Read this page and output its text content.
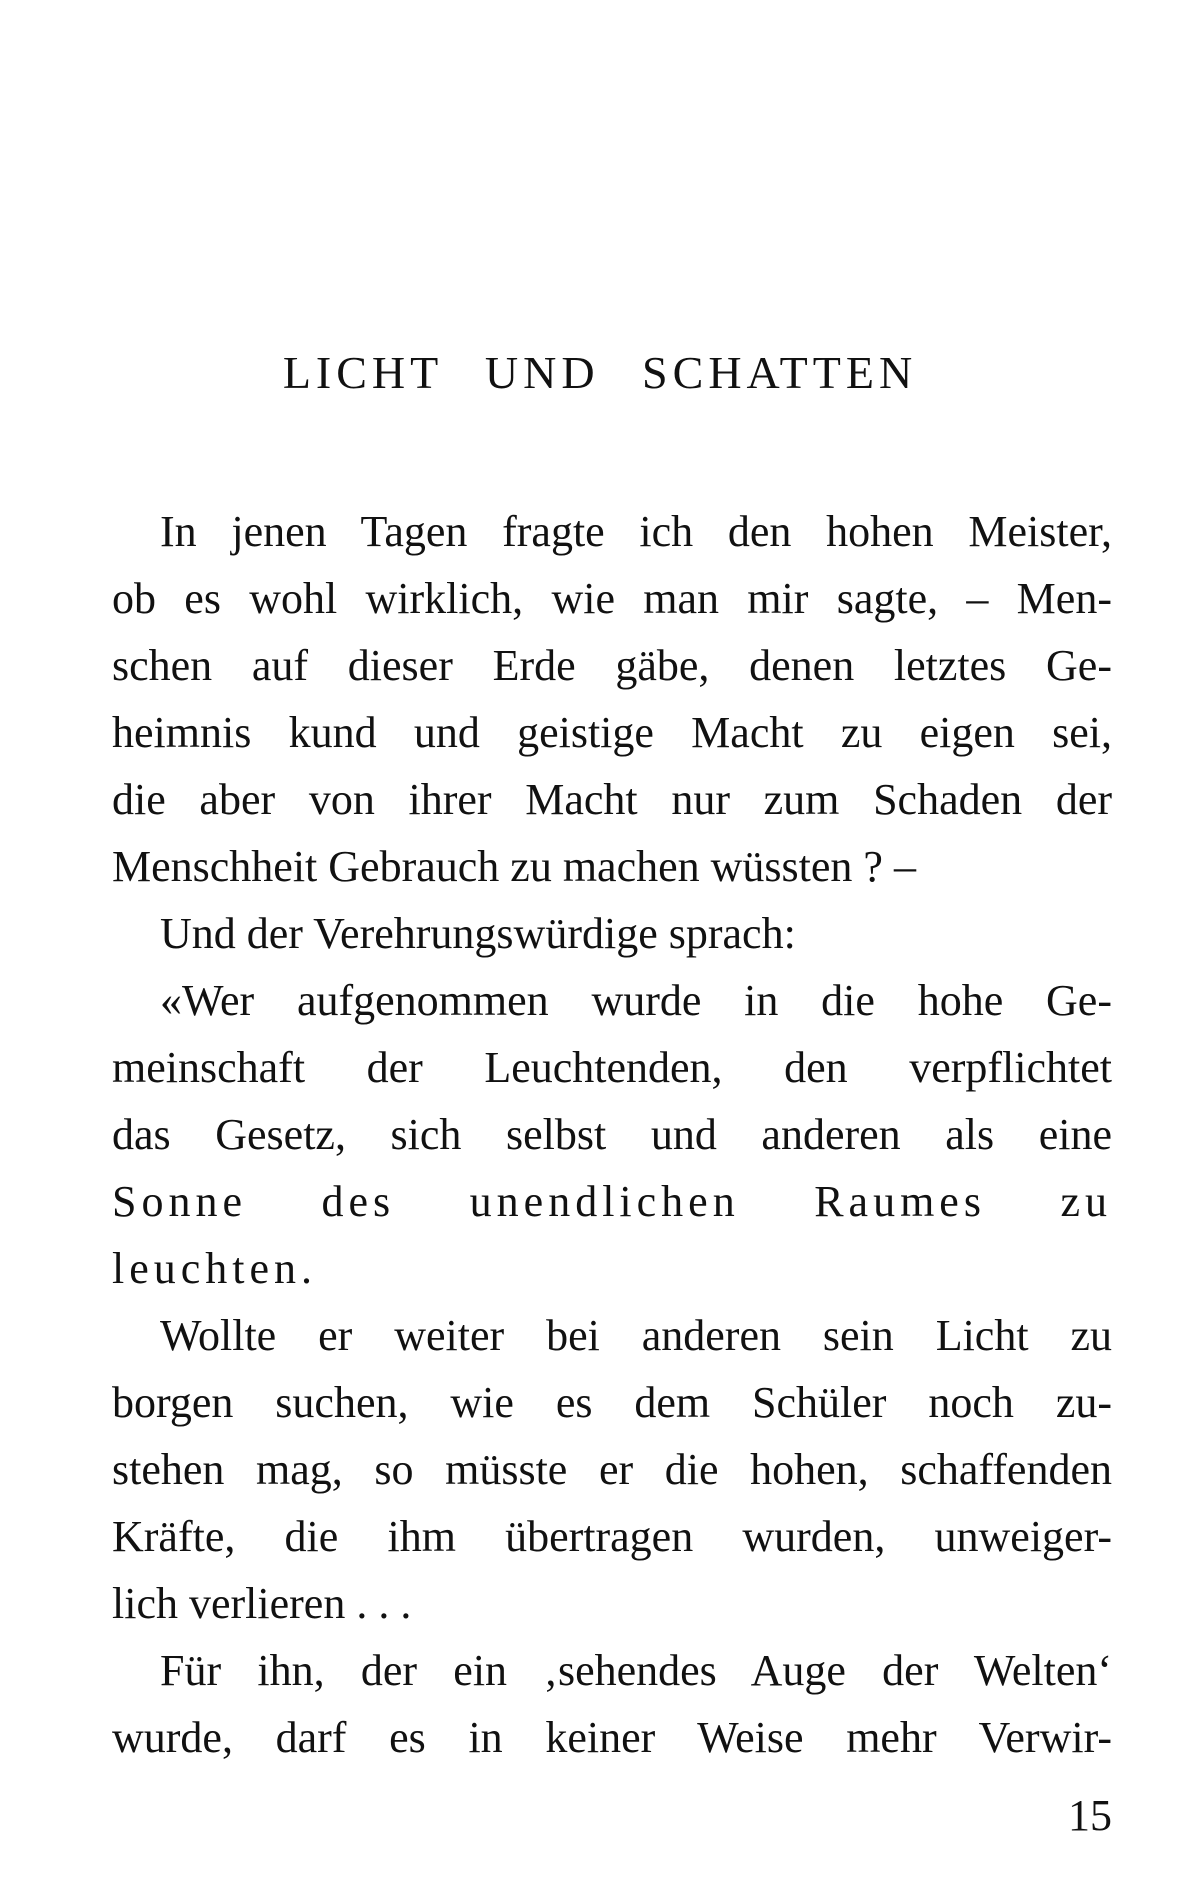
LICHT UND SCHATTEN
In jenen Tagen fragte ich den hohen Meister,
ob es wohl wirklich, wie man mir sagte, – Men-
schen auf dieser Erde gäbe, denen letztes Ge-
heimnis kund und geistige Macht zu eigen sei,
die aber von ihrer Macht nur zum Schaden der
Menschheit Gebrauch zu machen wüssten ? –
Und der Verehrungswürdige sprach:
«Wer aufgenommen wurde in die hohe Ge-
meinschaft der Leuchtenden, den verpflichtet
das Gesetz, sich selbst und anderen als eine
Sonne des unendlichen Raumes zu
leuchten.
Wollte er weiter bei anderen sein Licht zu
borgen suchen, wie es dem Schüler noch zu-
stehen mag, so müsste er die hohen, schaffenden
Kräfte, die ihm übertragen wurden, unweiger-
lich verlieren . . .
Für ihn, der ein ‚sehendes Auge der Welten‘
wurde, darf es in keiner Weise mehr Verwir-
15
